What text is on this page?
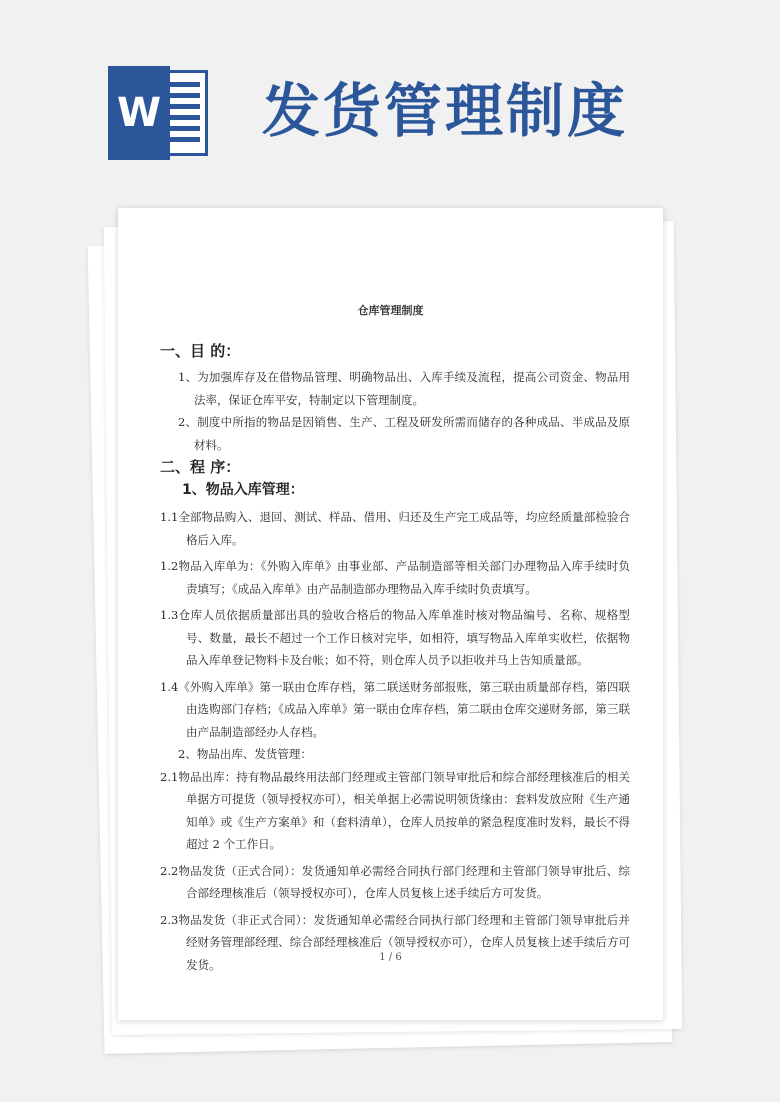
W 发货管理制度
仓库管理制度
一、目 的：

1、为加强库存及在借物品管理、明确物品出、入库手续及流程，提高公司资金、物品用法率，保证仓库平安，特制定以下管理制度。

2、制度中所指的物品是因销售、生产、工程及研发所需而储存的各种成品、半成品及原材料。

二、程 序：
1、物品入库管理：

1.1全部物品购入、退回、测试、样品、借用、归还及生产完工成品等，均应经质量部检验合格后入库。

1.2物品入库单为：《外购入库单》由事业部、产品制造部等相关部门办理物品入库手续时负责填写；《成品入库单》由产品制造部办理物品入库手续时负责填写。

1.3仓库人员依据质量部出具的验收合格后的物品入库单准时核对物品编号、名称、规格型号、数量，最长不超过一个工作日核对完毕，如相符，填写物品入库单实收栏，依据物品入库单登记物料卡及台帐；如不符，则仓库人员予以拒收并马上告知质量部。

1.4《外购入库单》第一联由仓库存档，第二联送财务部报账，第三联由质量部存档，第四联由选购部门存档；《成品入库单》第一联由仓库存档，第二联由仓库交递财务部，第三联由产品制造部经办人存档。

2、物品出库、发货管理：

2.1物品出库：持有物品最终用法部门经理或主管部门领导审批后和综合部经理核准后的相关单据方可提货（领导授权亦可），相关单据上必需说明领货缘由：套料发放应附《生产通知单》或《生产方案单》和（套料清单），仓库人员按单的紧急程度准时发料，最长不得超过 2 个工作日。

2.2物品发货（正式合同）：发货通知单必需经合同执行部门经理和主管部门领导审批后、综合部经理核准后（领导授权亦可），仓库人员复核上述手续后方可发货。

2.3物品发货（非正式合同）：发货通知单必需经合同执行部门经理和主管部门领导审批后并经财务管理部经理、综合部经理核准后（领导授权亦可），仓库人员复核上述手续后方可发货。	1 / 6
